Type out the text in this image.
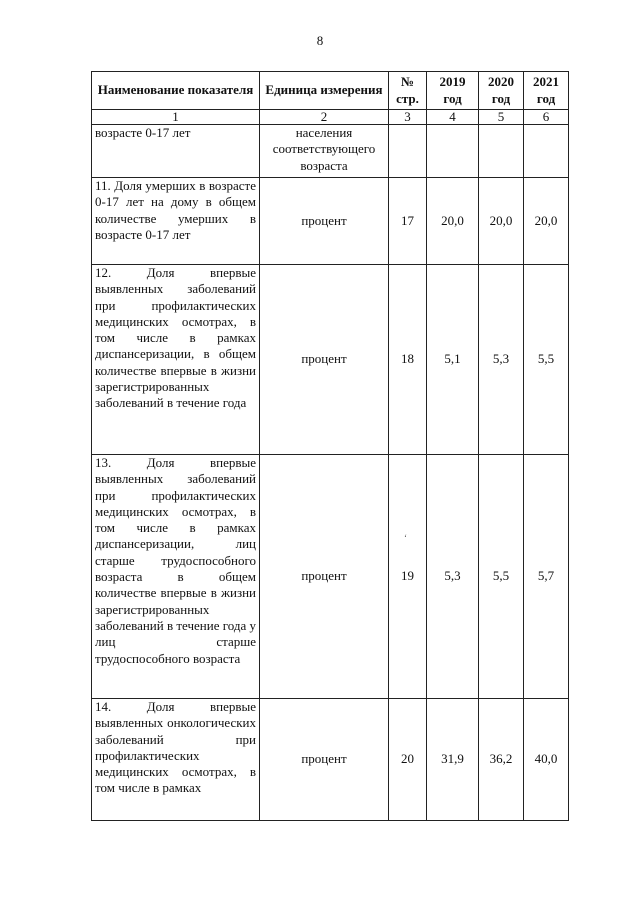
8
Наименование показателя	Единица измерения	№ стр.	2019 год	2020 год	2021 год
1	2	3	4	5	6
возрасте 0-17 лет	населения соответствующего возраста				
11. Доля умерших в возрасте 0-17 лет на дому в общем количестве умерших в возрасте 0-17 лет	процент	17	20,0	20,0	20,0
12. Доля впервые выявленных заболеваний при профилактических медицинских осмотрах, в том числе в рамках диспансеризации, в общем количестве впервые в жизни зарегистрированных заболеваний в течение года	процент	18	5,1	5,3	5,5
13. Доля впервые выявленных заболеваний при профилактических медицинских осмотрах, в том числе в рамках диспансеризации, лиц старше трудоспособного возраста в общем количестве впервые в жизни зарегистрированных заболеваний в течение года у лиц старше трудоспособного возраста	процент	19	5,3	5,5	5,7
14. Доля впервые выявленных онкологических заболеваний при профилактических медицинских осмотрах, в том числе в рамках	процент	20	31,9	36,2	40,0
‘
